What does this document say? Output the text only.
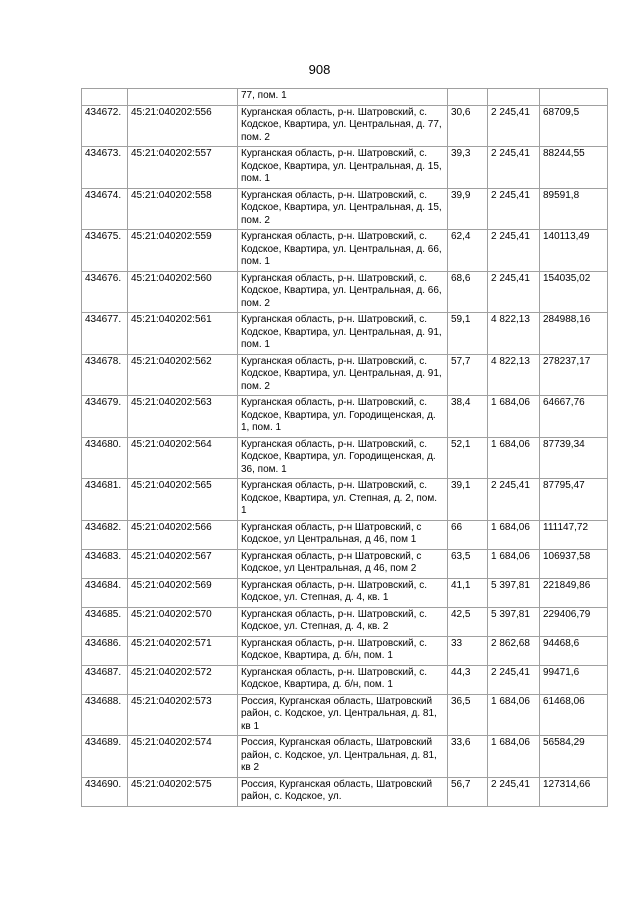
908
		77, пом. 1			
434672.	45:21:040202:556	Курганская область, р-н. Шатровский, с. Кодское, Квартира, ул. Центральная, д. 77, пом. 2	30,6	2 245,41	68709,5
434673.	45:21:040202:557	Курганская область, р-н. Шатровский, с. Кодское, Квартира, ул. Центральная, д. 15, пом. 1	39,3	2 245,41	88244,55
434674.	45:21:040202:558	Курганская область, р-н. Шатровский, с. Кодское, Квартира, ул. Центральная, д. 15, пом. 2	39,9	2 245,41	89591,8
434675.	45:21:040202:559	Курганская область, р-н. Шатровский, с. Кодское, Квартира, ул. Центральная, д. 66, пом. 1	62,4	2 245,41	140113,49
434676.	45:21:040202:560	Курганская область, р-н. Шатровский, с. Кодское, Квартира, ул. Центральная, д. 66, пом. 2	68,6	2 245,41	154035,02
434677.	45:21:040202:561	Курганская область, р-н. Шатровский, с. Кодское, Квартира, ул. Центральная, д. 91, пом. 1	59,1	4 822,13	284988,16
434678.	45:21:040202:562	Курганская область, р-н. Шатровский, с. Кодское, Квартира, ул. Центральная, д. 91, пом. 2	57,7	4 822,13	278237,17
434679.	45:21:040202:563	Курганская область, р-н. Шатровский, с. Кодское, Квартира, ул. Городищенская, д. 1, пом. 1	38,4	1 684,06	64667,76
434680.	45:21:040202:564	Курганская область, р-н. Шатровский, с. Кодское, Квартира, ул. Городищенская, д. 36, пом. 1	52,1	1 684,06	87739,34
434681.	45:21:040202:565	Курганская область, р-н. Шатровский, с. Кодское, Квартира, ул. Степная, д. 2, пом. 1	39,1	2 245,41	87795,47
434682.	45:21:040202:566	Курганская область, р-н Шатровский, с Кодское, ул Центральная, д 46, пом 1	66	1 684,06	111147,72
434683.	45:21:040202:567	Курганская область, р-н Шатровский, с Кодское, ул Центральная, д 46, пом 2	63,5	1 684,06	106937,58
434684.	45:21:040202:569	Курганская область, р-н. Шатровский, с. Кодское, ул. Степная, д. 4, кв. 1	41,1	5 397,81	221849,86
434685.	45:21:040202:570	Курганская область, р-н. Шатровский, с. Кодское, ул. Степная, д. 4, кв. 2	42,5	5 397,81	229406,79
434686.	45:21:040202:571	Курганская область, р-н. Шатровский, с. Кодское, Квартира, д. б/н, пом. 1	33	2 862,68	94468,6
434687.	45:21:040202:572	Курганская область, р-н. Шатровский, с. Кодское, Квартира, д. б/н, пом. 1	44,3	2 245,41	99471,6
434688.	45:21:040202:573	Россия, Курганская область, Шатровский район, с. Кодское, ул. Центральная, д. 81, кв 1	36,5	1 684,06	61468,06
434689.	45:21:040202:574	Россия, Курганская область, Шатровский район, с. Кодское, ул. Центральная, д. 81, кв 2	33,6	1 684,06	56584,29
434690.	45:21:040202:575	Россия, Курганская область, Шатровский район, с. Кодское, ул.	56,7	2 245,41	127314,66
